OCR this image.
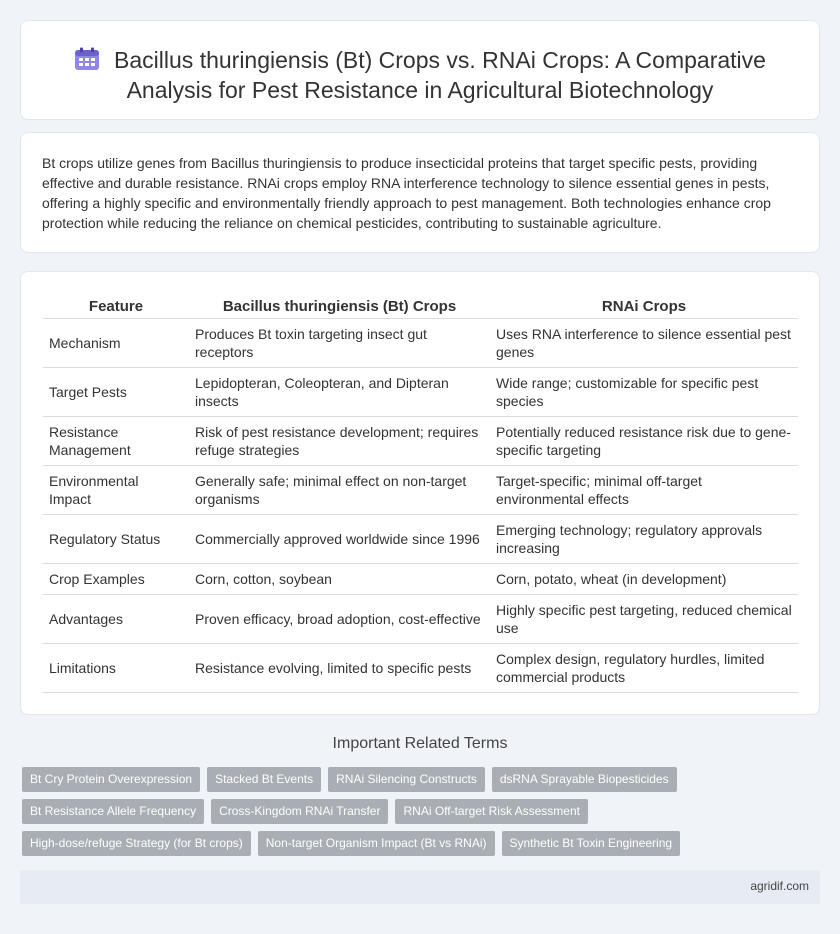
Bacillus thuringiensis (Bt) Crops vs. RNAi Crops: A Comparative Analysis for Pest Resistance in Agricultural Biotechnology

Bt crops utilize genes from Bacillus thuringiensis to produce insecticidal proteins that target specific pests, providing effective and durable resistance. RNAi crops employ RNA interference technology to silence essential genes in pests, offering a highly specific and environmentally friendly approach to pest management. Both technologies enhance crop protection while reducing the reliance on chemical pesticides, contributing to sustainable agriculture.

Feature	Bacillus thuringiensis (Bt) Crops	RNAi Crops
Mechanism	Produces Bt toxin targeting insect gut receptors	Uses RNA interference to silence essential pest genes
Target Pests	Lepidopteran, Coleopteran, and Dipteran insects	Wide range; customizable for specific pest species
Resistance Management	Risk of pest resistance development; requires refuge strategies	Potentially reduced resistance risk due to gene-specific targeting
Environmental Impact	Generally safe; minimal effect on non-target organisms	Target-specific; minimal off-target environmental effects
Regulatory Status	Commercially approved worldwide since 1996	Emerging technology; regulatory approvals increasing
Crop Examples	Corn, cotton, soybean	Corn, potato, wheat (in development)
Advantages	Proven efficacy, broad adoption, cost-effective	Highly specific pest targeting, reduced chemical use
Limitations	Resistance evolving, limited to specific pests	Complex design, regulatory hurdles, limited commercial products
Important Related Terms
Bt Cry Protein Overexpression	Stacked Bt Events	RNAi Silencing Constructs	dsRNA Sprayable Biopesticides
Bt Resistance Allele Frequency	Cross-Kingdom RNAi Transfer	RNAi Off-target Risk Assessment
High-dose/refuge Strategy (for Bt crops)	Non-target Organism Impact (Bt vs RNAi)	Synthetic Bt Toxin Engineering
agridif.com
